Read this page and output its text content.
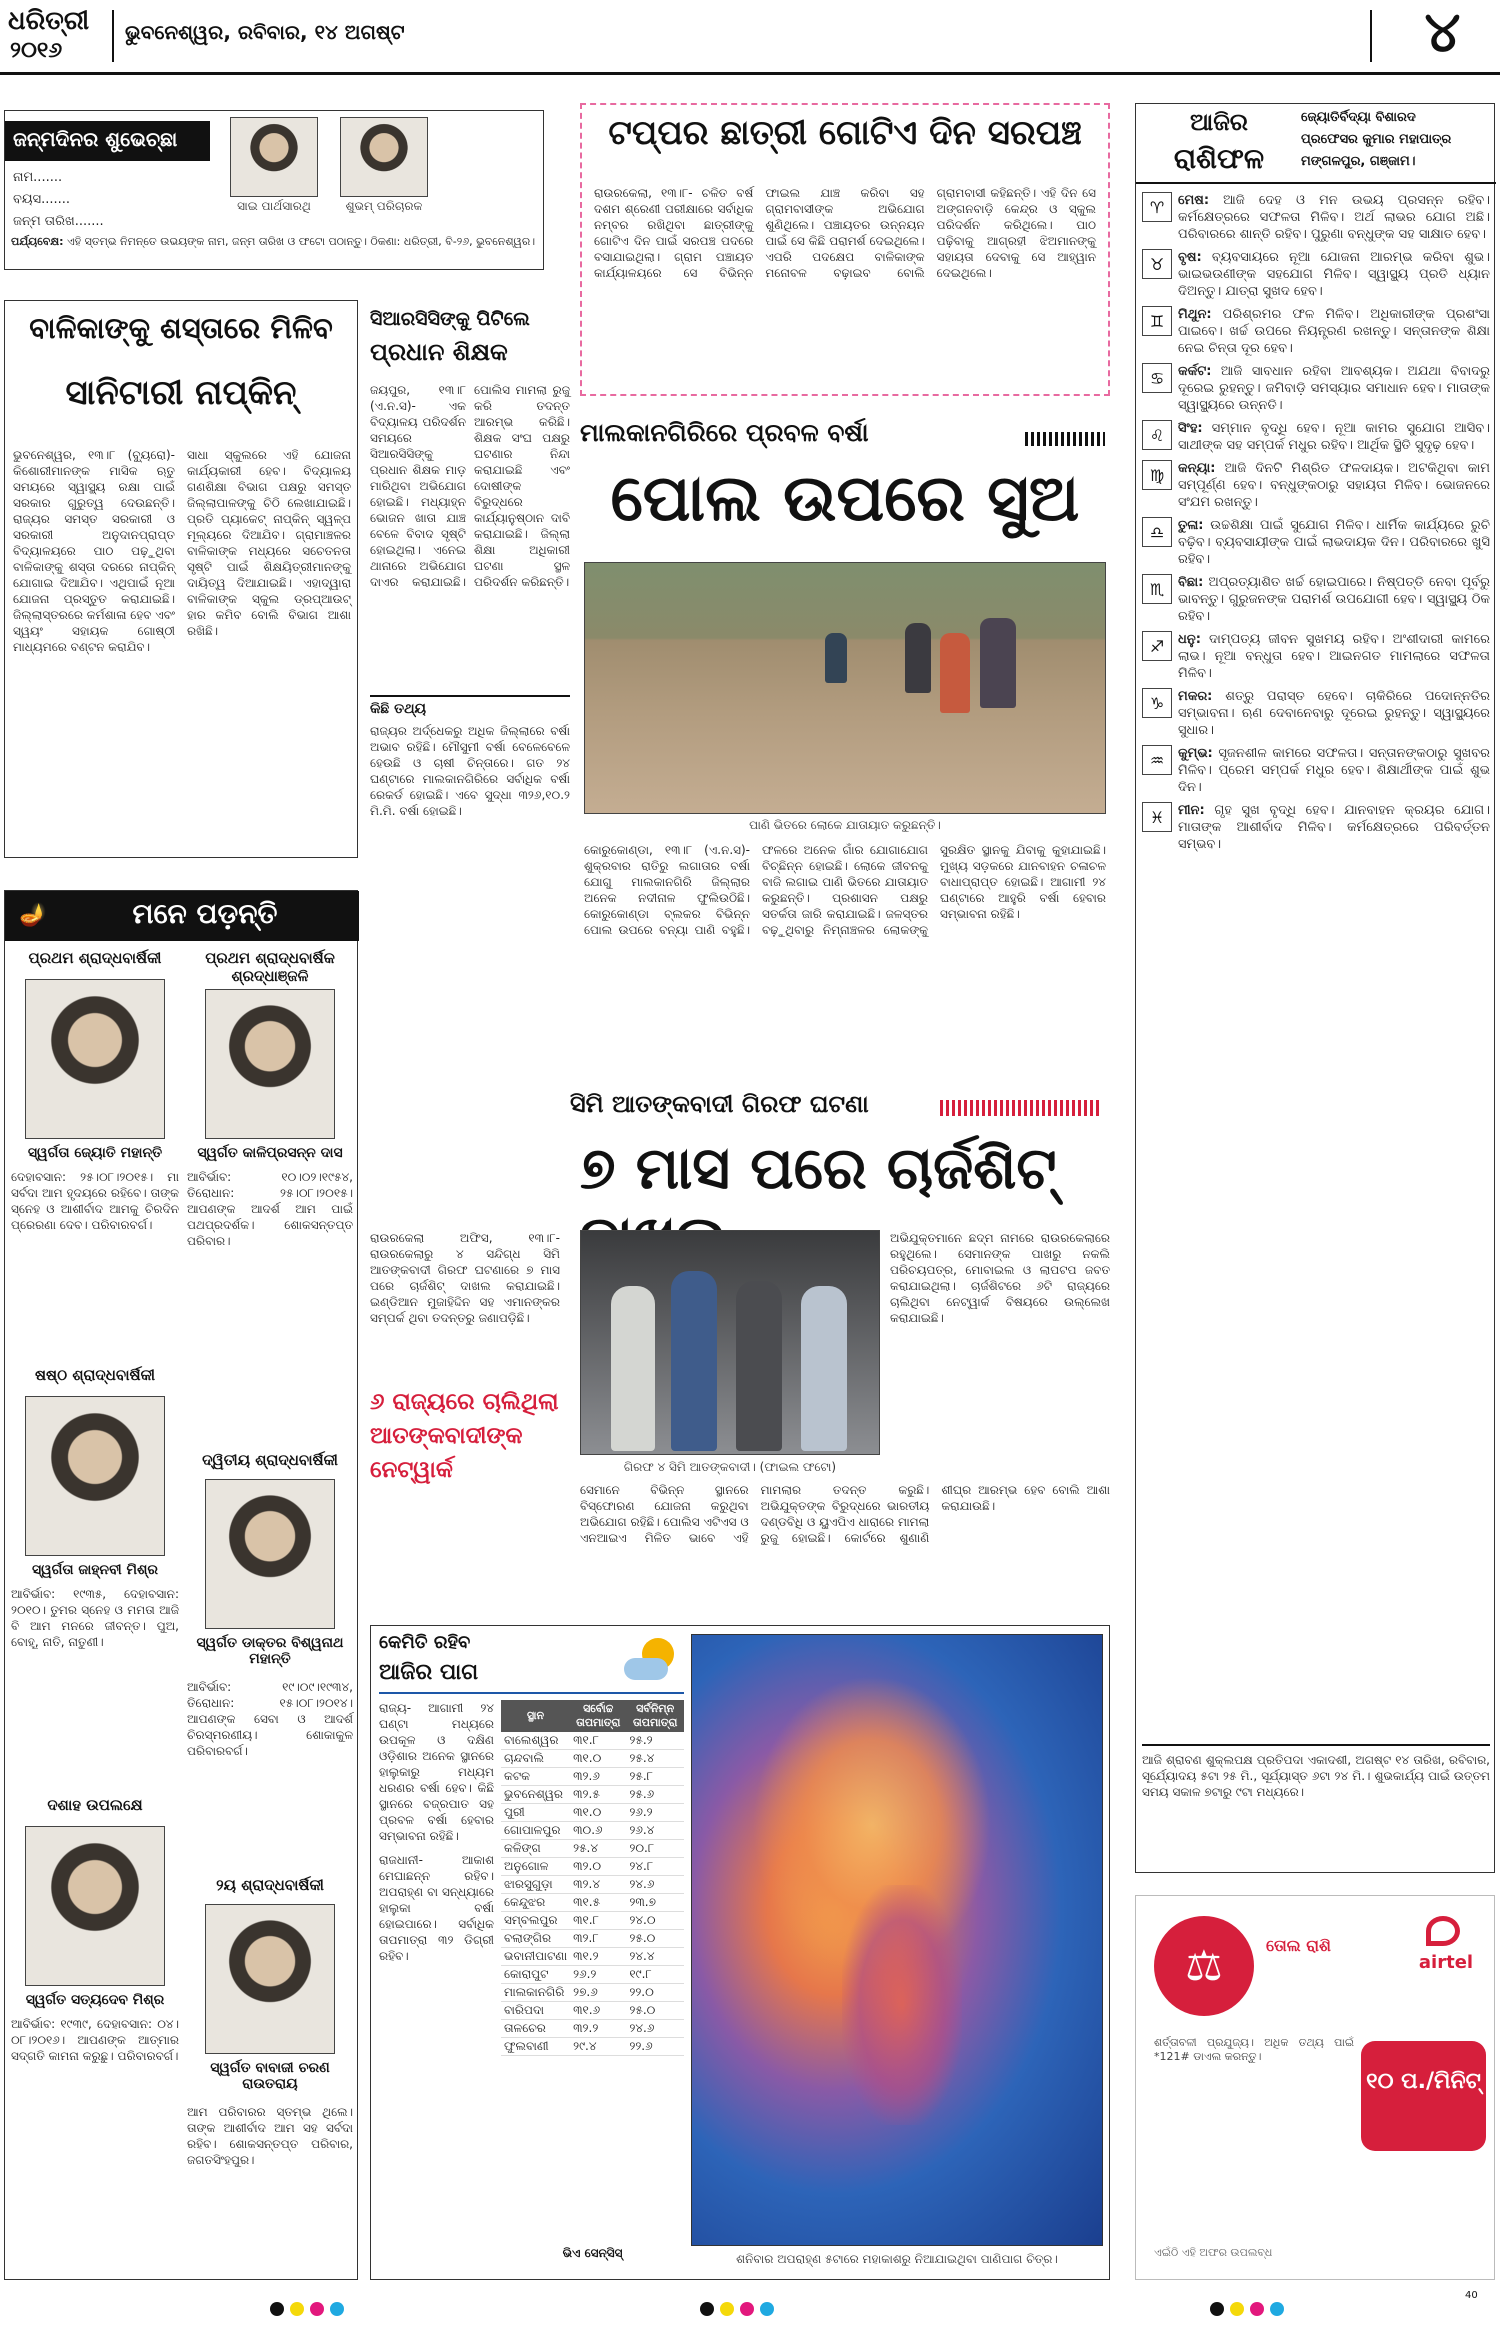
ଧରିତ୍ରୀ
୨୦୧୬
ଭୁବନେଶ୍ୱର, ରବିବାର, ୧୪ ଅଗଷ୍ଟ	୪
ଜନ୍ମଦିନର ଶୁଭେଚ୍ଛା
ନାମ.......
ବୟସ.......
ଜନ୍ମ ତାରିଖ.......
ସାଇ ପାର୍ଥସାରଥି	ଶୁଭମ୍ ପରିଚାରକ
ପର୍ଯ୍ୟବେକ୍ଷ: ଏହି ସ୍ତମ୍ଭ ନିମନ୍ତେ ଉଭୟଙ୍କ ନାମ, ଜନ୍ମ ତାରିଖ ଓ ଫଟୋ ପଠାନ୍ତୁ। ଠିକଣା: ଧରିତ୍ରୀ, ବି-୨୬, ଭୁବନେଶ୍ୱର।
ଟପ୍ପର ଛାତ୍ରୀ ଗୋଟିଏ ଦିନ ସରପଞ୍ଚ
ରାଉରକେଲା, ୧୩।୮- ଚଳିତ ବର୍ଷ ଦଶମ ଶ୍ରେଣୀ ପରୀକ୍ଷାରେ ସର୍ବାଧିକ ନମ୍ବର ରଖିଥିବା ଛାତ୍ରୀଙ୍କୁ ଗୋଟିଏ ଦିନ ପାଇଁ ସରପଞ୍ଚ ପଦରେ ବସାଯାଇଥିଲା। ଗ୍ରାମ ପଞ୍ଚାୟତ କାର୍ଯ୍ୟାଳୟରେ ସେ ବିଭିନ୍ନ ଫାଇଲ ଯାଞ୍ଚ କରିବା ସହ ଗ୍ରାମବାସୀଙ୍କ ଅଭିଯୋଗ ଶୁଣିଥିଲେ। ପଞ୍ଚାୟତର ଉନ୍ନୟନ ପାଇଁ ସେ କିଛି ପରାମର୍ଶ ଦେଇଥିଲେ। ଏପରି ପଦକ୍ଷେପ ବାଳିକାଙ୍କ ମନୋବଳ ବଢ଼ାଇବ ବୋଲି ଗ୍ରାମବାସୀ କହିଛନ୍ତି। ଏହି ଦିନ ସେ ଅଙ୍ଗନବାଡ଼ି କେନ୍ଦ୍ର ଓ ସ୍କୁଲ ପରିଦର୍ଶନ କରିଥିଲେ। ପାଠ ପଢ଼ିବାକୁ ଆଗ୍ରହୀ ଝିଅମାନଙ୍କୁ ସହାୟତା ଦେବାକୁ ସେ ଆହ୍ୱାନ ଦେଇଥିଲେ।
ବାଳିକାଙ୍କୁ ଶସ୍ତାରେ ମିଳିବ
ସାନିଟାରୀ ନାପ୍‌କିନ୍
ଭୁବନେଶ୍ୱର, ୧୩।୮ (ବ୍ୟୁରୋ)- କିଶୋରୀମାନଙ୍କ ମାସିକ ଋତୁ ସମୟରେ ସ୍ୱାସ୍ଥ୍ୟ ରକ୍ଷା ପାଇଁ ସରକାର ଗୁରୁତ୍ୱ ଦେଉଛନ୍ତି। ରାଜ୍ୟର ସମସ୍ତ ସରକାରୀ ଓ ସରକାରୀ ଅନୁଦାନପ୍ରାପ୍ତ ବିଦ୍ୟାଳୟରେ ପାଠ ପଢ଼ୁଥିବା ବାଳିକାଙ୍କୁ ଶସ୍ତା ଦରରେ ନାପ୍‌କିନ୍ ଯୋଗାଇ ଦିଆଯିବ। ଏଥିପାଇଁ ନୂଆ ଯୋଜନା ପ୍ରସ୍ତୁତ କରାଯାଇଛି। ଜିଲ୍ଲାସ୍ତରରେ କର୍ମଶାଳା ହେବ ଏବଂ ସ୍ୱୟଂ ସହାୟକ ଗୋଷ୍ଠୀ ମାଧ୍ୟମରେ ବଣ୍ଟନ କରାଯିବ।
ସାଧା ସ୍କୁଲରେ ଏହି ଯୋଜନା କାର୍ଯ୍ୟକାରୀ ହେବ। ବିଦ୍ୟାଳୟ ଗଣଶିକ୍ଷା ବିଭାଗ ପକ୍ଷରୁ ସମସ୍ତ ଜିଲ୍ଲାପାଳଙ୍କୁ ଚିଠି ଲେଖାଯାଇଛି। ପ୍ରତି ପ୍ୟାକେଟ୍ ନାପ୍‌କିନ୍ ସ୍ୱଳ୍ପ ମୂଲ୍ୟରେ ଦିଆଯିବ। ଗ୍ରାମାଞ୍ଚଳର ବାଳିକାଙ୍କ ମଧ୍ୟରେ ସଚେତନତା ସୃଷ୍ଟି ପାଇଁ ଶିକ୍ଷୟିତ୍ରୀମାନଙ୍କୁ ଦାୟିତ୍ୱ ଦିଆଯାଇଛି। ଏହାଦ୍ୱାରା ବାଳିକାଙ୍କ ସ୍କୁଲ ଡ୍ରପ୍‌ଆଉଟ୍ ହାର କମିବ ବୋଲି ବିଭାଗ ଆଶା ରଖିଛି।
ସିଆରସିସିଙ୍କୁ ପିଟିଲେ
ପ୍ରଧାନ ଶିକ୍ଷକ
ଜୟପୁର, ୧୩।୮ (ଏ.ନ.ସ)- ଏକ ବିଦ୍ୟାଳୟ ପରିଦର୍ଶନ ସମୟରେ ସିଆରସିସିଙ୍କୁ ପ୍ରଧାନ ଶିକ୍ଷକ ମାଡ଼ ମାରିଥିବା ଅଭିଯୋଗ ହୋଇଛି। ମଧ୍ୟାହ୍ନ ଭୋଜନ ଖାତା ଯାଞ୍ଚ ବେଳେ ବିବାଦ ସୃଷ୍ଟି ହୋଇଥିଲା। ଏନେଇ ଥାନାରେ ଅଭିଯୋଗ ଦାଏର କରାଯାଇଛି। ପୋଲିସ ମାମଲା ରୁଜୁ କରି ତଦନ୍ତ ଆରମ୍ଭ କରିଛି। ଶିକ୍ଷକ ସଂଘ ପକ୍ଷରୁ ଘଟଣାର ନିନ୍ଦା କରାଯାଇଛି ଏବଂ ଦୋଷୀଙ୍କ ବିରୁଦ୍ଧରେ କାର୍ଯ୍ୟାନୁଷ୍ଠାନ ଦାବି କରାଯାଇଛି। ଜିଲ୍ଲା ଶିକ୍ଷା ଅଧିକାରୀ ଘଟଣା ସ୍ଥଳ ପରିଦର୍ଶନ କରିଛନ୍ତି।
କିଛି ତଥ୍ୟ
ରାଜ୍ୟର ଅର୍ଦ୍ଧେକରୁ ଅଧିକ ଜିଲ୍ଲାରେ ବର୍ଷା ଅଭାବ ରହିଛି। ମୌସୁମୀ ବର୍ଷା ବେଳେବେଳେ ହେଉଛି ଓ ଚାଷୀ ଚିନ୍ତାରେ। ଗତ ୨୪ ଘଣ୍ଟାରେ ମାଲକାନଗିରିରେ ସର୍ବାଧିକ ବର୍ଷା ରେକର୍ଡ ହୋଇଛି। ଏବେ ସୁଦ୍ଧା ୩୨୬,୧୦.୨ ମି.ମି. ବର୍ଷା ହୋଇଛି।
ମାଲକାନଗିରିରେ ପ୍ରବଳ ବର୍ଷା
ପୋଲ ଉପରେ ସୁଅ
ପାଣି ଭିତରେ ଲୋକେ ଯାତାୟାତ କରୁଛନ୍ତି।
କୋରୁକୋଣ୍ଡା, ୧୩।୮ (ଏ.ନ.ସ)- ଶୁକ୍ରବାର ରାତିରୁ ଲଗାତାର ବର୍ଷା ଯୋଗୁ ମାଲକାନଗିରି ଜିଲ୍ଲାର ଅନେକ ନଦୀନାଳ ଫୁଲିଉଠିଛି। କୋରୁକୋଣ୍ଡା ବ୍ଲକର ବିଭିନ୍ନ ପୋଲ ଉପରେ ବନ୍ୟା ପାଣି ବହୁଛି। ଫଳରେ ଅନେକ ଗାଁର ଯୋଗାଯୋଗ ବିଚ୍ଛିନ୍ନ ହୋଇଛି। ଲୋକେ ଜୀବନକୁ ବାଜି ଲଗାଇ ପାଣି ଭିତରେ ଯାତାୟାତ କରୁଛନ୍ତି। ପ୍ରଶାସନ ପକ୍ଷରୁ ସତର୍କତା ଜାରି କରାଯାଇଛି। ଜଳସ୍ତର ବଢ଼ୁଥିବାରୁ ନିମ୍ନାଞ୍ଚଳର ଲୋକଙ୍କୁ ସୁରକ୍ଷିତ ସ୍ଥାନକୁ ଯିବାକୁ କୁହାଯାଇଛି। ମୁଖ୍ୟ ସଡ଼କରେ ଯାନବାହନ ଚଳାଚଳ ବାଧାପ୍ରାପ୍ତ ହୋଇଛି। ଆଗାମୀ ୨୪ ଘଣ୍ଟାରେ ଆହୁରି ବର୍ଷା ହେବାର ସମ୍ଭାବନା ରହିଛି।
ସିମି ଆତଙ୍କବାଦୀ ଗିରଫ ଘଟଣା
୭ ମାସ ପରେ ଚାର୍ଜଶିଟ୍
ରାଉରକେଲା ଅଫିସ, ୧୩।୮- ରାଉରକେଲାରୁ ୪ ସନ୍ଦିଗ୍ଧ ସିମି ଆତଙ୍କବାଦୀ ଗିରଫ ଘଟଣାରେ ୭ ମାସ ପରେ ଚାର୍ଜଶିଟ୍ ଦାଖଲ କରାଯାଇଛି। ଇଣ୍ଡିଆନ ମୁଜାହିଦ୍ଦିନ ସହ ଏମାନଙ୍କର ସମ୍ପର୍କ ଥିବା ତଦନ୍ତରୁ ଜଣାପଡ଼ିଛି।
୬ ରାଜ୍ୟରେ ଚାଲିଥିଲା ଆତଙ୍କବାଦୀଙ୍କ ନେଟ୍‌ୱାର୍କ	ଗିରଫ ୪ ସିମି ଆତଙ୍କବାଦୀ। (ଫାଇଲ ଫଟୋ)
ଅଭିଯୁକ୍ତମାନେ ଛଦ୍ମ ନାମରେ ରାଉରକେଲାରେ ରହୁଥିଲେ। ସେମାନଙ୍କ ପାଖରୁ ନକଲି ପରିଚୟପତ୍ର, ମୋବାଇଲ ଓ ଲାପଟପ ଜବତ କରାଯାଇଥିଲା। ଚାର୍ଜଶିଟରେ ୬ଟି ରାଜ୍ୟରେ ଚାଲିଥିବା ନେଟ୍‌ୱାର୍କ ବିଷୟରେ ଉଲ୍ଲେଖ କରାଯାଇଛି।
ସେମାନେ ବିଭିନ୍ନ ସ୍ଥାନରେ ବିସ୍ଫୋରଣ ଯୋଜନା କରୁଥିବା ଅଭିଯୋଗ ରହିଛି। ପୋଲିସ ଏଟିଏସ ଓ ଏନଆଇଏ ମିଳିତ ଭାବେ ଏହି ମାମଲାର ତଦନ୍ତ କରୁଛି। ଅଭିଯୁକ୍ତଙ୍କ ବିରୁଦ୍ଧରେ ଭାରତୀୟ ଦଣ୍ଡବିଧି ଓ ୟୁଏପିଏ ଧାରାରେ ମାମଲା ରୁଜୁ ହୋଇଛି। କୋର୍ଟରେ ଶୁଣାଣି ଶୀଘ୍ର ଆରମ୍ଭ ହେବ ବୋଲି ଆଶା କରାଯାଉଛି।
କେମିତି ରହିବ
ଆଜିର ପାଗ
ରାଜ୍ୟ- ଆଗାମୀ ୨୪ ଘଣ୍ଟା ମଧ୍ୟରେ ଉପକୂଳ ଓ ଦକ୍ଷିଣ ଓଡ଼ିଶାର ଅନେକ ସ୍ଥାନରେ ହାଲୁକାରୁ ମଧ୍ୟମ ଧରଣର ବର୍ଷା ହେବ। କିଛି ସ୍ଥାନରେ ବଜ୍ରପାତ ସହ ପ୍ରବଳ ବର୍ଷା ହେବାର ସମ୍ଭାବନା ରହିଛି।
ରାଜଧାନୀ- ଆକାଶ ମେଘାଛନ୍ନ ରହିବ। ଅପରାହ୍ଣ ବା ସନ୍ଧ୍ୟାରେ ହାଲୁକା ବର୍ଷା ହୋଇପାରେ। ସର୍ବାଧିକ ତାପମାତ୍ରା ୩୨ ଡିଗ୍ରୀ ରହିବ।
ସ୍ଥାନ	ସର୍ବୋଚ୍ଚ ତାପମାତ୍ରା	ସର୍ବନିମ୍ନ ତାପମାତ୍ରା
ବାଲେଶ୍ୱର	୩୧.୮	୨୫.୨
ଚାନ୍ଦବାଲି	୩୧.୦	୨୫.୪
କଟକ	୩୨.୬	୨୫.୮
ଭୁବନେଶ୍ୱର	୩୨.୫	୨୫.୬
ପୁରୀ	୩୧.୦	୨୬.୨
ଗୋପାଳପୁର	୩୦.୬	୨୬.୪
କଳିଙ୍ଗ	୨୫.୪	୨୦.୮
ଅନୁଗୋଳ	୩୨.୦	୨୪.୮
ଝାରସୁଗୁଡ଼ା	୩୨.୪	୨୪.୬
କେନ୍ଦୁଝର	୩୧.୫	୨୩.୭
ସମ୍ବଲପୁର	୩୧.୮	୨୪.୦
ବଲାଙ୍ଗିର	୩୨.୮	୨୫.୦
ଭବାନୀପାଟଣା	୩୧.୨	୨୪.୪
କୋରାପୁଟ	୨୬.୨	୧୯.୮
ମାଲକାନଗିରି	୨୭.୬	୨୨.୦
ବାରିପଦା	୩୧.୬	୨୫.୦
ତାଳଚେର	୩୨.୨	୨୪.୬
ଫୁଲବାଣୀ	୨୯.୪	୨୨.୬
ଭିଏ ସେନ୍‌ସିସ୍	ଶନିବାର ଅପରାହ୍ଣ ୫ଟାରେ ମହାକାଶରୁ ନିଆଯାଇଥିବା ପାଣିପାଗ ଚିତ୍ର।
🪔	ମନେ ପଡ଼ନ୍ତି
ପ୍ରଥମ ଶ୍ରାଦ୍ଧବାର୍ଷିକୀ
ସ୍ୱର୍ଗତା ଜ୍ୟୋତି ମହାନ୍ତି
ଦେହାବସାନ: ୨୫।୦୮।୨୦୧୫। ମା ସର୍ବଦା ଆମ ହୃଦୟରେ ରହିବେ। ତାଙ୍କ ସ୍ନେହ ଓ ଆଶୀର୍ବାଦ ଆମକୁ ଚିରଦିନ ପ୍ରେରଣା ଦେବ। ପରିବାରବର୍ଗ।
ଷଷ୍ଠ ଶ୍ରାଦ୍ଧବାର୍ଷିକୀ
ସ୍ୱର୍ଗତା ଜାହ୍ନବୀ ମିଶ୍ର
ଆବିର୍ଭାବ: ୧୯୩୫, ଦେହାବସାନ: ୨୦୧୦। ତୁମର ସ୍ନେହ ଓ ମମତା ଆଜି ବି ଆମ ମନରେ ଜୀବନ୍ତ। ପୁଅ, ବୋହୂ, ନାତି, ନାତୁଣୀ।
ଦଶାହ ଉପଲକ୍ଷେ
ସ୍ୱର୍ଗତ ସତ୍ୟଦେବ ମିଶ୍ର
ଆବିର୍ଭାବ: ୧୯୩୯, ଦେହାବସାନ: ୦୪।୦୮।୨୦୧୬। ଆପଣଙ୍କ ଆତ୍ମାର ସଦ୍‌ଗତି କାମନା କରୁଛୁ। ପରିବାରବର୍ଗ।
ପ୍ରଥମ ଶ୍ରାଦ୍ଧବାର୍ଷିକ ଶ୍ରଦ୍ଧାଞ୍ଜଳି
ସ୍ୱର୍ଗତ କାଳିପ୍ରସନ୍ନ ଦାସ
ଆବିର୍ଭାବ: ୧୦।୦୨।୧୯୫୪, ତିରୋଧାନ: ୨୫।୦୮।୨୦୧୫। ଆପଣଙ୍କ ଆଦର୍ଶ ଆମ ପାଇଁ ପଥପ୍ରଦର୍ଶକ। ଶୋକସନ୍ତପ୍ତ ପରିବାର।
ଦ୍ୱିତୀୟ ଶ୍ରାଦ୍ଧବାର୍ଷିକୀ
ସ୍ୱର୍ଗତ ଡାକ୍ତର ବିଶ୍ୱନାଥ ମହାନ୍ତି
ଆବିର୍ଭାବ: ୧୯।୦୯।୧୯୩୪, ତିରୋଧାନ: ୧୫।୦୮।୨୦୧୪। ଆପଣଙ୍କ ସେବା ଓ ଆଦର୍ଶ ଚିରସ୍ମରଣୀୟ। ଶୋକାକୁଳ ପରିବାରବର୍ଗ।
୨ୟ ଶ୍ରାଦ୍ଧବାର୍ଷିକୀ
ସ୍ୱର୍ଗତ ବାବାଜୀ ଚରଣ ରାଉତରାୟ
ଆମ ପରିବାରର ସ୍ତମ୍ଭ ଥିଲେ। ତାଙ୍କ ଆଶୀର୍ବାଦ ଆମ ସହ ସର୍ବଦା ରହିବ। ଶୋକସନ୍ତପ୍ତ ପରିବାର, ଜଗତସିଂହପୁର।
ଆଜିର
ରାଶିଫଳ
ଜ୍ୟୋତିର୍ବିଦ୍ୟା ବିଶାରଦ
ପ୍ରଫେସର କୁମାର ମହାପାତ୍ର
ମଙ୍ଗଳପୁର, ଗଞ୍ଜାମ।
♈	ମେଷ: ଆଜି ଦେହ ଓ ମନ ଉଭୟ ପ୍ରସନ୍ନ ରହିବ। କର୍ମକ୍ଷେତ୍ରରେ ସଫଳତା ମିଳିବ। ଅର୍ଥ ଲାଭର ଯୋଗ ଅଛି। ପରିବାରରେ ଶାନ୍ତି ରହିବ। ପୁରୁଣା ବନ୍ଧୁଙ୍କ ସହ ସାକ୍ଷାତ ହେବ।
♉	ବୃଷ: ବ୍ୟବସାୟରେ ନୂଆ ଯୋଜନା ଆରମ୍ଭ କରିବା ଶୁଭ। ଭାଇଭଉଣୀଙ୍କ ସହଯୋଗ ମିଳିବ। ସ୍ୱାସ୍ଥ୍ୟ ପ୍ରତି ଧ୍ୟାନ ଦିଅନ୍ତୁ। ଯାତ୍ରା ସୁଖଦ ହେବ।
♊	ମିଥୁନ: ପରିଶ୍ରମର ଫଳ ମିଳିବ। ଅଧିକାରୀଙ୍କ ପ୍ରଶଂସା ପାଇବେ। ଖର୍ଚ୍ଚ ଉପରେ ନିୟନ୍ତ୍ରଣ ରଖନ୍ତୁ। ସନ୍ତାନଙ୍କ ଶିକ୍ଷା ନେଇ ଚିନ୍ତା ଦୂର ହେବ।
♋	କର୍କଟ: ଆଜି ସାବଧାନ ରହିବା ଆବଶ୍ୟକ। ଅଯଥା ବିବାଦରୁ ଦୂରେଇ ରୁହନ୍ତୁ। ଜମିବାଡ଼ି ସମସ୍ୟାର ସମାଧାନ ହେବ। ମାତାଙ୍କ ସ୍ୱାସ୍ଥ୍ୟରେ ଉନ୍ନତି।
♌	ସିଂହ: ସମ୍ମାନ ବୃଦ୍ଧି ହେବ। ନୂଆ କାମର ସୁଯୋଗ ଆସିବ। ସାଥୀଙ୍କ ସହ ସମ୍ପର୍କ ମଧୁର ରହିବ। ଆର୍ଥିକ ସ୍ଥିତି ସୁଦୃଢ଼ ହେବ।
♍	କନ୍ୟା: ଆଜି ଦିନଟି ମିଶ୍ରିତ ଫଳଦାୟକ। ଅଟକିଥିବା କାମ ସମ୍ପୂର୍ଣ୍ଣ ହେବ। ବନ୍ଧୁଙ୍କଠାରୁ ସହାୟତା ମିଳିବ। ଭୋଜନରେ ସଂଯମ ରଖନ୍ତୁ।
♎	ତୁଳା: ଉଚ୍ଚଶିକ୍ଷା ପାଇଁ ସୁଯୋଗ ମିଳିବ। ଧାର୍ମିକ କାର୍ଯ୍ୟରେ ରୁଚି ବଢ଼ିବ। ବ୍ୟବସାୟୀଙ୍କ ପାଇଁ ଲାଭଦାୟକ ଦିନ। ପରିବାରରେ ଖୁସି ରହିବ।
♏	ବିଛା: ଅପ୍ରତ୍ୟାଶିତ ଖର୍ଚ୍ଚ ହୋଇପାରେ। ନିଷ୍ପତ୍ତି ନେବା ପୂର୍ବରୁ ଭାବନ୍ତୁ। ଗୁରୁଜନଙ୍କ ପରାମର୍ଶ ଉପଯୋଗୀ ହେବ। ସ୍ୱାସ୍ଥ୍ୟ ଠିକ ରହିବ।
♐	ଧନୁ: ଦାମ୍ପତ୍ୟ ଜୀବନ ସୁଖମୟ ରହିବ। ଅଂଶୀଦାରୀ କାମରେ ଲାଭ। ନୂଆ ବନ୍ଧୁତା ହେବ। ଆଇନଗତ ମାମଲାରେ ସଫଳତା ମିଳିବ।
♑	ମକର: ଶତ୍ରୁ ପରାସ୍ତ ହେବେ। ଚାକିରିରେ ପଦୋନ୍ନତିର ସମ୍ଭାବନା। ଋଣ ଦେବାନେବାରୁ ଦୂରେଇ ରୁହନ୍ତୁ। ସ୍ୱାସ୍ଥ୍ୟରେ ସୁଧାର।
♒	କୁମ୍ଭ: ସୃଜନଶୀଳ କାମରେ ସଫଳତା। ସନ୍ତାନଙ୍କଠାରୁ ସୁଖବର ମିଳିବ। ପ୍ରେମ ସମ୍ପର୍କ ମଧୁର ହେବ। ଶିକ୍ଷାର୍ଥୀଙ୍କ ପାଇଁ ଶୁଭ ଦିନ।
♓	ମୀନ: ଗୃହ ସୁଖ ବୃଦ୍ଧି ହେବ। ଯାନବାହନ କ୍ରୟର ଯୋଗ। ମାତାଙ୍କ ଆଶୀର୍ବାଦ ମିଳିବ। କର୍ମକ୍ଷେତ୍ରରେ ପରିବର୍ତ୍ତନ ସମ୍ଭବ।
ଆଜି ଶ୍ରାବଣ ଶୁକ୍ଲପକ୍ଷ ପ୍ରତିପଦା ଏକାଦଶୀ, ଅଗଷ୍ଟ ୧୪ ତାରିଖ, ରବିବାର, ସୂର୍ଯ୍ୟୋଦୟ ୫ଟା ୨୫ ମି., ସୂର୍ଯ୍ୟାସ୍ତ ୬ଟା ୨୪ ମି.। ଶୁଭକାର୍ଯ୍ୟ ପାଇଁ ଉତ୍ତମ ସମୟ ସକାଳ ୭ଟାରୁ ୯ଟା ମଧ୍ୟରେ।
⚖	ତୋଲ ରାଶି
airtel
ଶର୍ତ୍ତାବଳୀ ପ୍ରଯୁଜ୍ୟ। ଅଧିକ ତଥ୍ୟ ପାଇଁ *121# ଡାଏଲ କରନ୍ତୁ।
୧୦ ପ./ମିନିଟ୍
ଏଇଁଠି ଏହି ଅଫର ଉପଲବ୍ଧ
40
